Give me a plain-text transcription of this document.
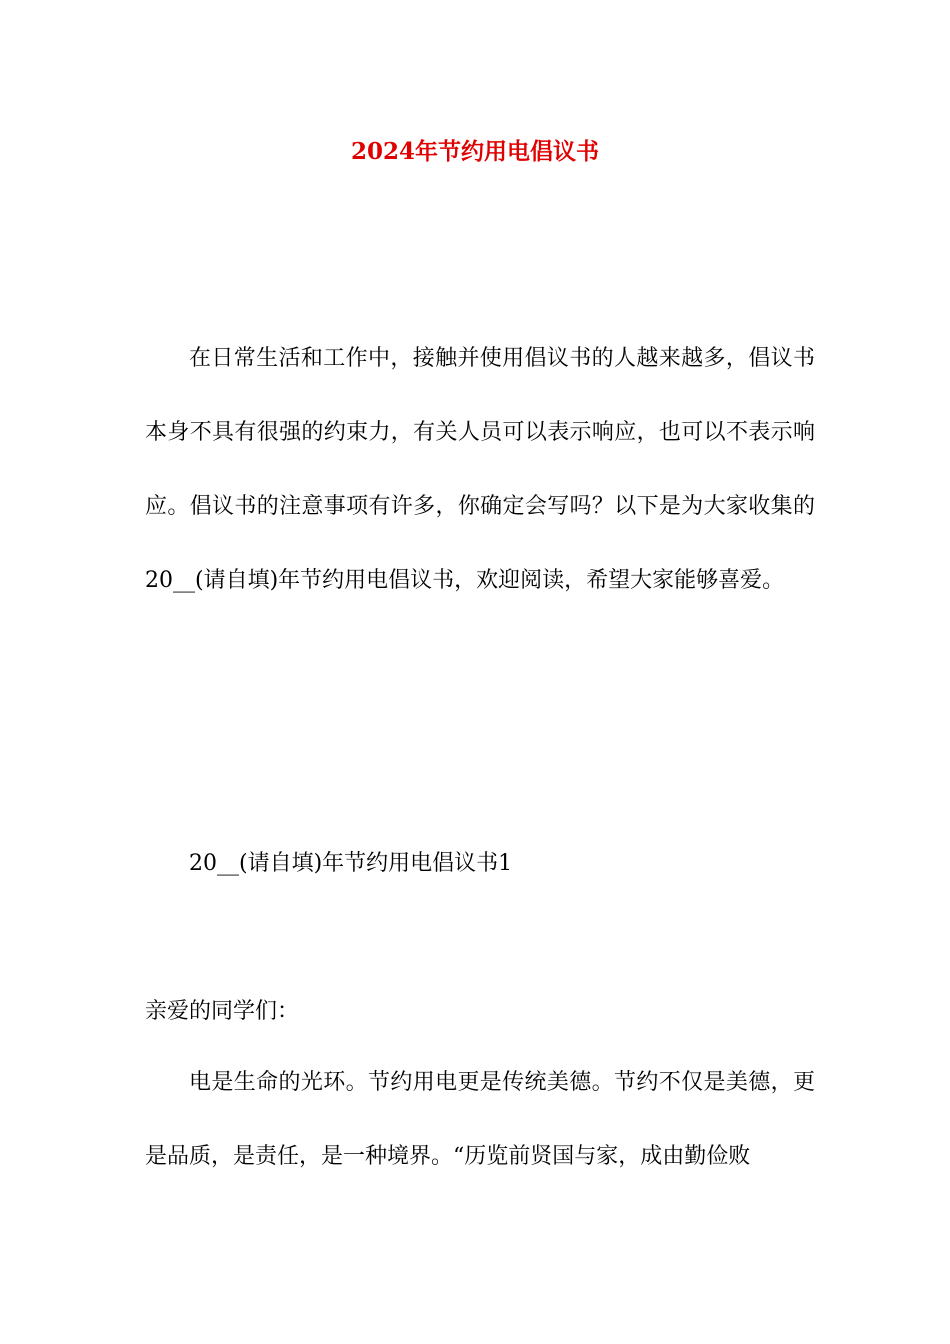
2024年节约用电倡议书

在日常生活和工作中，接触并使用倡议书的人越来越多，倡议书本身不具有很强的约束力，有关人员可以表示响应，也可以不表示响应。倡议书的注意事项有许多，你确定会写吗？以下是为大家收集的20__(请自填)年节约用电倡议书，欢迎阅读，希望大家能够喜爱。

20__(请自填)年节约用电倡议书1

亲爱的同学们：

电是生命的光环。节约用电更是传统美德。节约不仅是美德，更是品质，是责任，是一种境界。“历览前贤国与家，成由勤俭败
